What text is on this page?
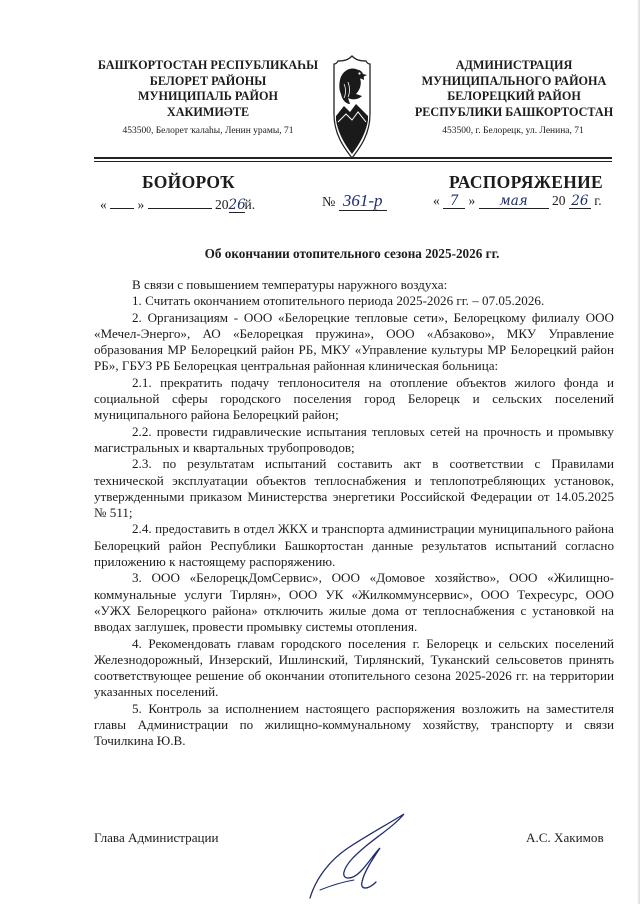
БАШҠОРТОСТАН РЕСПУБЛИКАҺЫ
БЕЛОРЕТ РАЙОНЫ
МУНИЦИПАЛЬ РАЙОН
ХАКИМИӘТЕ
453500, Белорет ҡалаһы, Ленин урамы, 71
АДМИНИСТРАЦИЯ
МУНИЦИПАЛЬНОГО РАЙОНА
БЕЛОРЕЦКИЙ РАЙОН
РЕСПУБЛИКИ БАШКОРТОСТАН
453500, г. Белорецк, ул. Ленина, 71
БОЙОРОҠ	РАСПОРЯЖЕНИЕ
« »	2026й.	№ 361-р	« 7 » мая 20 26 г.
Об окончании отопительного сезона 2025-2026 гг.

В связи с повышением температуры наружного воздуха:

1. Считать окончанием отопительного периода 2025-2026 гг. – 07.05.2026.

2. Организациям - ООО «Белорецкие тепловые сети», Белорецкому филиалу ООО «Мечел-Энерго», АО «Белорецкая пружина», ООО «Абзаково», МКУ Управление образования МР Белорецкий район РБ, МКУ «Управление культуры МР Белорецкий район РБ», ГБУЗ РБ Белорецкая центральная районная клиническая больница:

2.1. прекратить подачу теплоносителя на отопление объектов жилого фонда и социальной сферы городского поселения город Белорецк и сельских поселений муниципального района Белорецкий район;

2.2. провести гидравлические испытания тепловых сетей на прочность и промывку магистральных и квартальных трубопроводов;

2.3. по результатам испытаний составить акт в соответствии с Правилами технической эксплуатации объектов теплоснабжения и теплопотребляющих установок, утвержденными приказом Министерства энергетики Российской Федерации от 14.05.2025 № 511;

2.4. предоставить в отдел ЖКХ и транспорта администрации муниципального района Белорецкий район Республики Башкортостан данные результатов испытаний согласно приложению к настоящему распоряжению.

3. ООО «БелорецкДомСервис», ООО «Домовое хозяйство», ООО «Жилищно-коммунальные услуги Тирлян», ООО УК «Жилкоммунсервис», ООО Техресурс, ООО «УЖХ Белорецкого района» отключить жилые дома от теплоснабжения с установкой на вводах заглушек, провести промывку системы отопления.

4. Рекомендовать главам городского поселения г. Белорецк и сельских поселений Железнодорожный, Инзерский, Ишлинский, Тирлянский, Туканский сельсоветов принять соответствующее решение об окончании отопительного сезона 2025-2026 гг. на территории указанных поселений.

5. Контроль за исполнением настоящего распоряжения возложить на заместителя главы Администрации по жилищно-коммунальному хозяйству, транспорту и связи Точилкина Ю.В.

Глава Администрации	А.С. Хакимов
